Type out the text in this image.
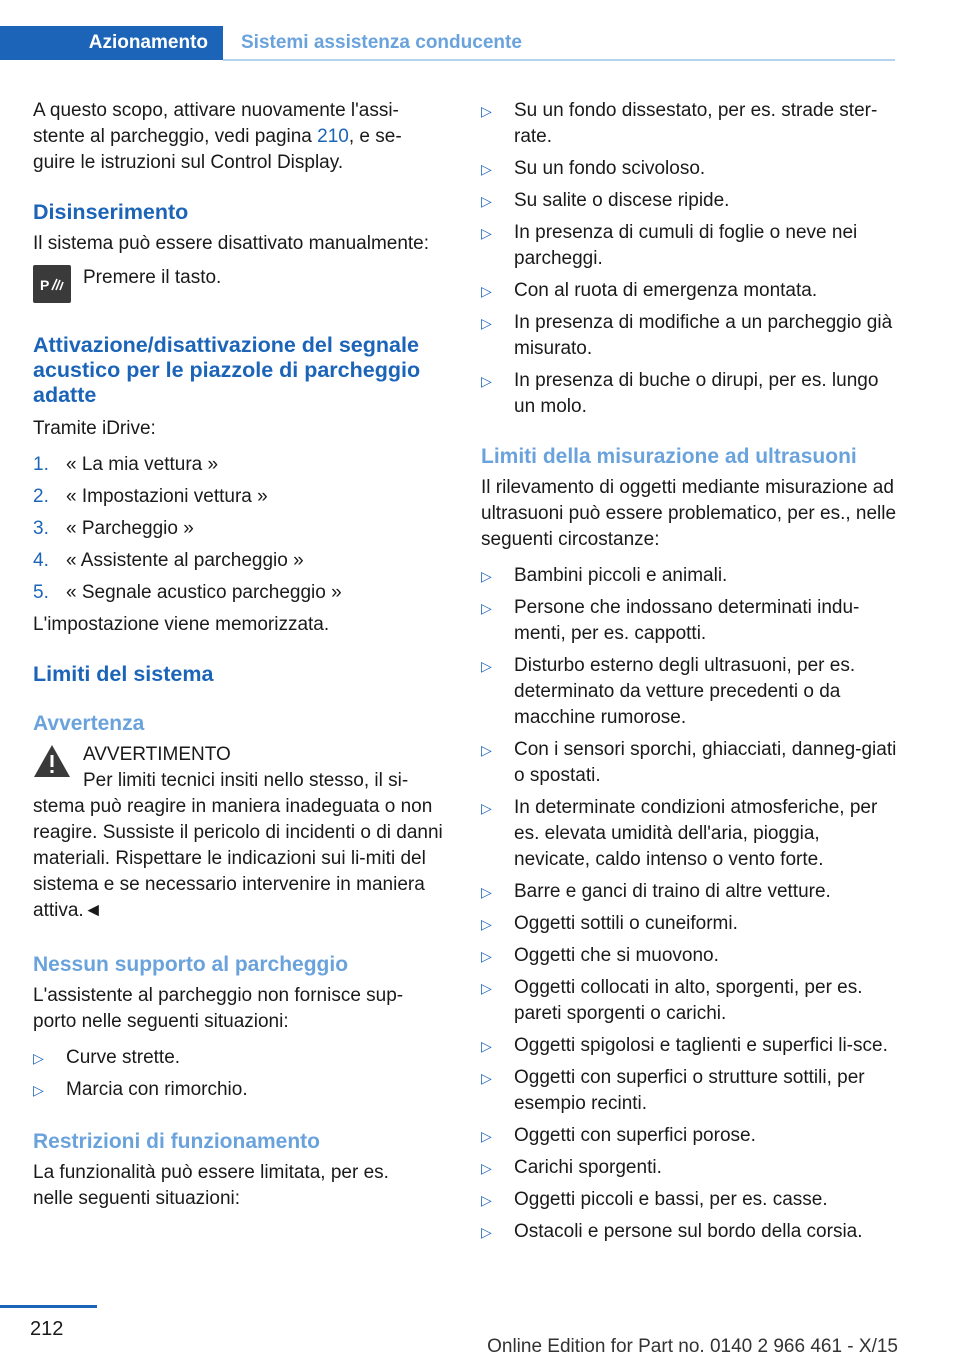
Azionamento	Sistemi assistenza conducente

A questo scopo, attivare nuovamente l'assi-stente al parcheggio, vedi pagina 210, e se-guire le istruzioni sul Control Display.

Disinserimento

Il sistema può essere disattivato manualmente:

P	Premere il tasto.

Attivazione/disattivazione del segnale acustico per le piazzole di parcheggio adatte

Tramite iDrive:

1. « La mia vettura »
2. « Impostazioni vettura »
3. « Parcheggio »
4. « Assistente al parcheggio »
5. « Segnale acustico parcheggio »

L'impostazione viene memorizzata.

Limiti del sistema

Avvertenza

AVVERTIMENTO

Per limiti tecnici insiti nello stesso, il si-

stema può reagire in maniera inadeguata o non reagire. Sussiste il pericolo di incidenti o di danni materiali. Rispettare le indicazioni sui li-miti del sistema e se necessario intervenire in maniera attiva.◄

Nessun supporto al parcheggio

L'assistente al parcheggio non fornisce sup-porto nelle seguenti situazioni:

▷ Curve strette.
▷ Marcia con rimorchio.

Restrizioni di funzionamento

La funzionalità può essere limitata, per es. nelle seguenti situazioni:

▷ Su un fondo dissestato, per es. strade ster-rate.
▷ Su un fondo scivoloso.
▷ Su salite o discese ripide.
▷ In presenza di cumuli di foglie o neve nei parcheggi.
▷ Con al ruota di emergenza montata.
▷ In presenza di modifiche a un parcheggio già misurato.
▷ In presenza di buche o dirupi, per es. lungo un molo.

Limiti della misurazione ad ultrasuoni

Il rilevamento di oggetti mediante misurazione ad ultrasuoni può essere problematico, per es., nelle seguenti circostanze:

▷ Bambini piccoli e animali.
▷ Persone che indossano determinati indu-menti, per es. cappotti.
▷ Disturbo esterno degli ultrasuoni, per es. determinato da vetture precedenti o da macchine rumorose.
▷ Con i sensori sporchi, ghiacciati, danneg-giati o spostati.
▷ In determinate condizioni atmosferiche, per es. elevata umidità dell'aria, pioggia, nevicate, caldo intenso o vento forte.
▷ Barre e ganci di traino di altre vetture.
▷ Oggetti sottili o cuneiformi.
▷ Oggetti che si muovono.
▷ Oggetti collocati in alto, sporgenti, per es. pareti sporgenti o carichi.
▷ Oggetti spigolosi e taglienti e superfici li-sce.
▷ Oggetti con superfici o strutture sottili, per esempio recinti.
▷ Oggetti con superfici porose.
▷ Carichi sporgenti.
▷ Oggetti piccoli e bassi, per es. casse.
▷ Ostacoli e persone sul bordo della corsia.
212
Online Edition for Part no. 0140 2 966 461 - X/15
